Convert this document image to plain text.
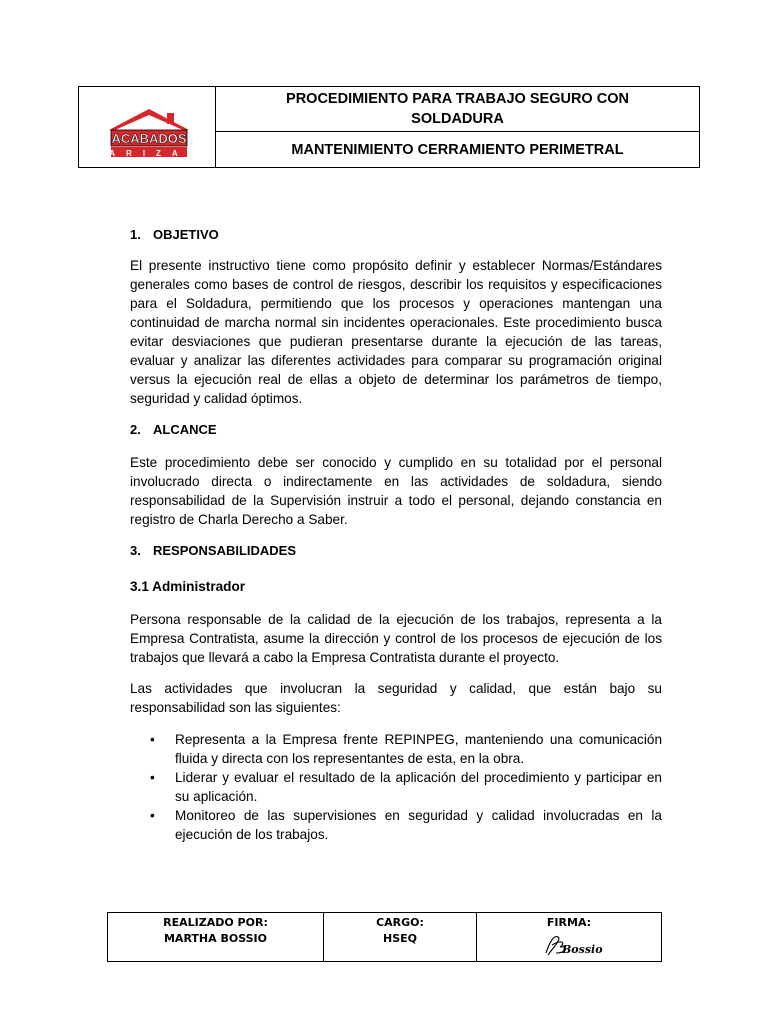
ACABADOS
ARIZA
PROCEDIMIENTO PARA TRABAJO SEGURO CON
SOLDADURA
MANTENIMIENTO CERRAMIENTO PERIMETRAL
1. OBJETIVO

El presente instructivo tiene como propósito definir y establecer Normas/Estándares generales como bases de control de riesgos, describir los requisitos y especificaciones para el Soldadura, permitiendo que los procesos y operaciones mantengan una continuidad de marcha normal sin incidentes operacionales. Este procedimiento busca evitar desviaciones que pudieran presentarse durante la ejecución de las tareas, evaluar y analizar las diferentes actividades para comparar su programación original versus la ejecución real de ellas a objeto de determinar los parámetros de tiempo, seguridad y calidad óptimos.

2. ALCANCE

Este procedimiento debe ser conocido y cumplido en su totalidad por el personal involucrado directa o indirectamente en las actividades de soldadura, siendo responsabilidad de la Supervisión instruir a todo el personal, dejando constancia en registro de Charla Derecho a Saber.

3. RESPONSABILIDADES
3.1 Administrador

Persona responsable de la calidad de la ejecución de los trabajos, representa a la Empresa Contratista, asume la dirección y control de los procesos de ejecución de los trabajos que llevará a cabo la Empresa Contratista durante el proyecto.

Las actividades que involucran la seguridad y calidad, que están bajo su responsabilidad son las siguientes:

• Representa a la Empresa frente REPINPEG, manteniendo una comunicación fluida y directa con los representantes de esta, en la obra.
• Liderar y evaluar el resultado de la aplicación del procedimiento y participar en su aplicación.
• Monitoreo de las supervisiones en seguridad y calidad involucradas en la ejecución de los trabajos.
REALIZADO POR:
MARTHA BOSSIO
CARGO:
HSEQ
FIRMA:
Bossio
